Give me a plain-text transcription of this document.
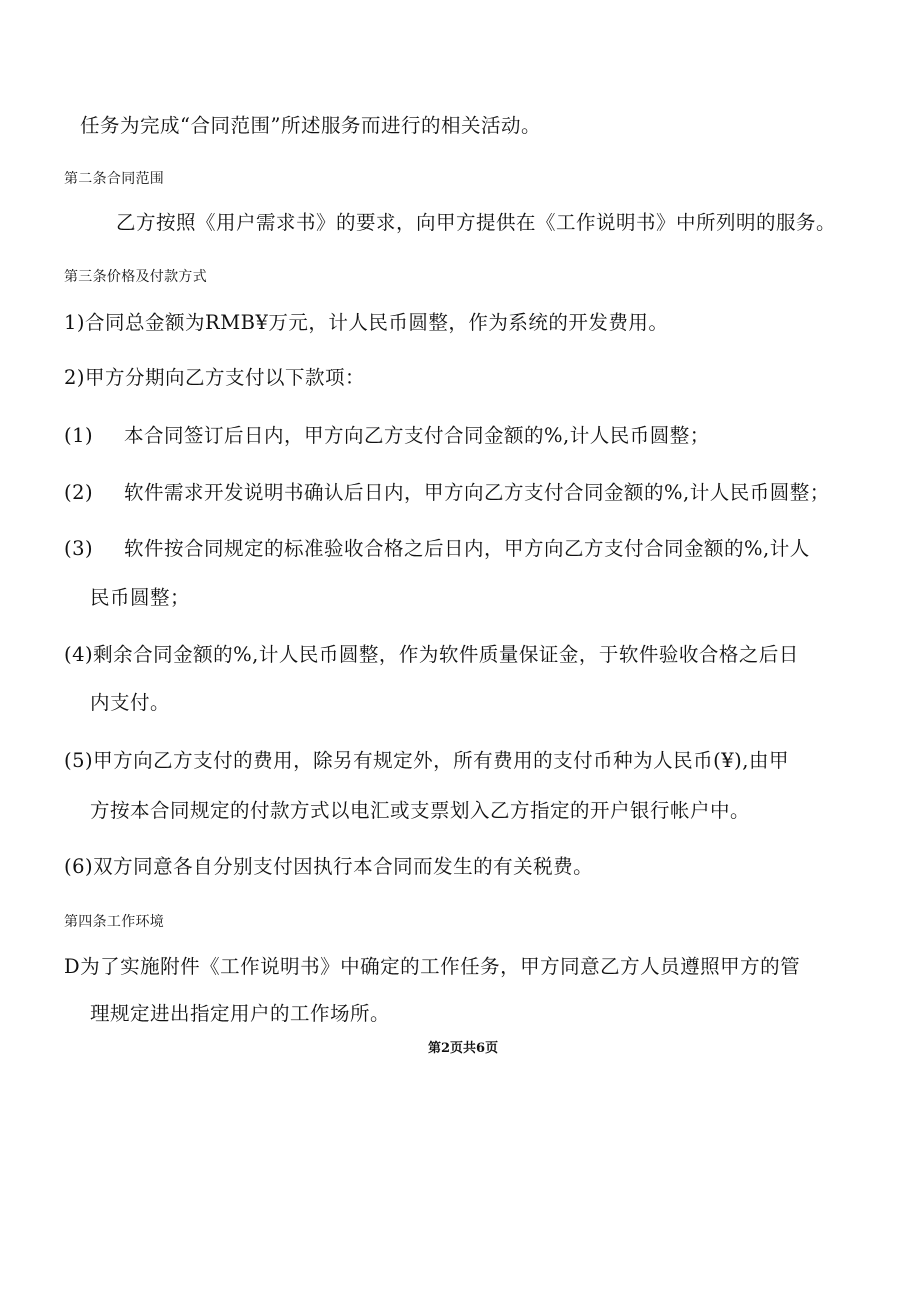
任务为完成“合同范围”所述服务而进行的相关活动。
第二条合同范围
乙方按照《用户需求书》的要求，向甲方提供在《工作说明书》中所列明的服务。
第三条价格及付款方式
1)合同总金额为RMB¥万元，计人民币圆整，作为系统的开发费用。
2)甲方分期向乙方支付以下款项：
(1) 本合同签订后日内，甲方向乙方支付合同金额的%,计人民币圆整；
(2) 软件需求开发说明书确认后日内，甲方向乙方支付合同金额的%,计人民币圆整；
(3) 软件按合同规定的标准验收合格之后日内，甲方向乙方支付合同金额的%,计人
民币圆整；
(4)剩余合同金额的%,计人民币圆整，作为软件质量保证金，于软件验收合格之后日
内支付。
(5)甲方向乙方支付的费用，除另有规定外，所有费用的支付币种为人民币(¥),由甲
方按本合同规定的付款方式以电汇或支票划入乙方指定的开户银行帐户中。
(6)双方同意各自分别支付因执行本合同而发生的有关税费。
第四条工作环境
D为了实施附件《工作说明书》中确定的工作任务，甲方同意乙方人员遵照甲方的管
理规定进出指定用户的工作场所。
第2页共6页
